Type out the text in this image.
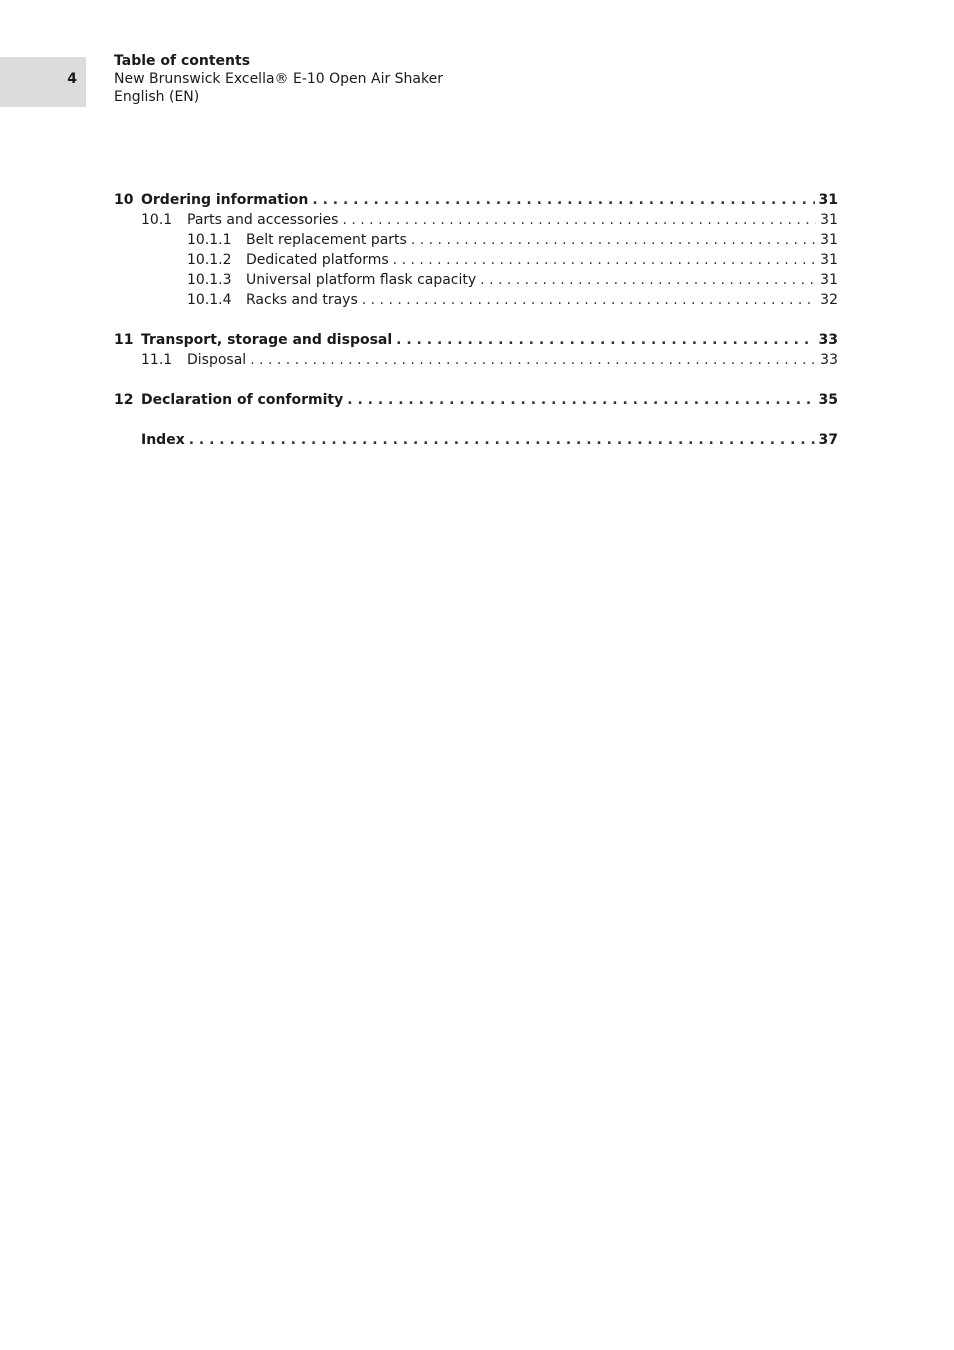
4
Table of contents
New Brunswick Excella® E-10 Open Air Shaker
English (EN)
10 Ordering information . . .	31
10.1 Parts and accessories . . .	31
10.1.1 Belt replacement parts . . .	31
10.1.2 Dedicated platforms . . .	31
10.1.3 Universal platform flask capacity . . .	31
10.1.4 Racks and trays . . .	32
11 Transport, storage and disposal . . .	33
11.1 Disposal . . .	33
12 Declaration of conformity . . .	35
Index . . .	37
